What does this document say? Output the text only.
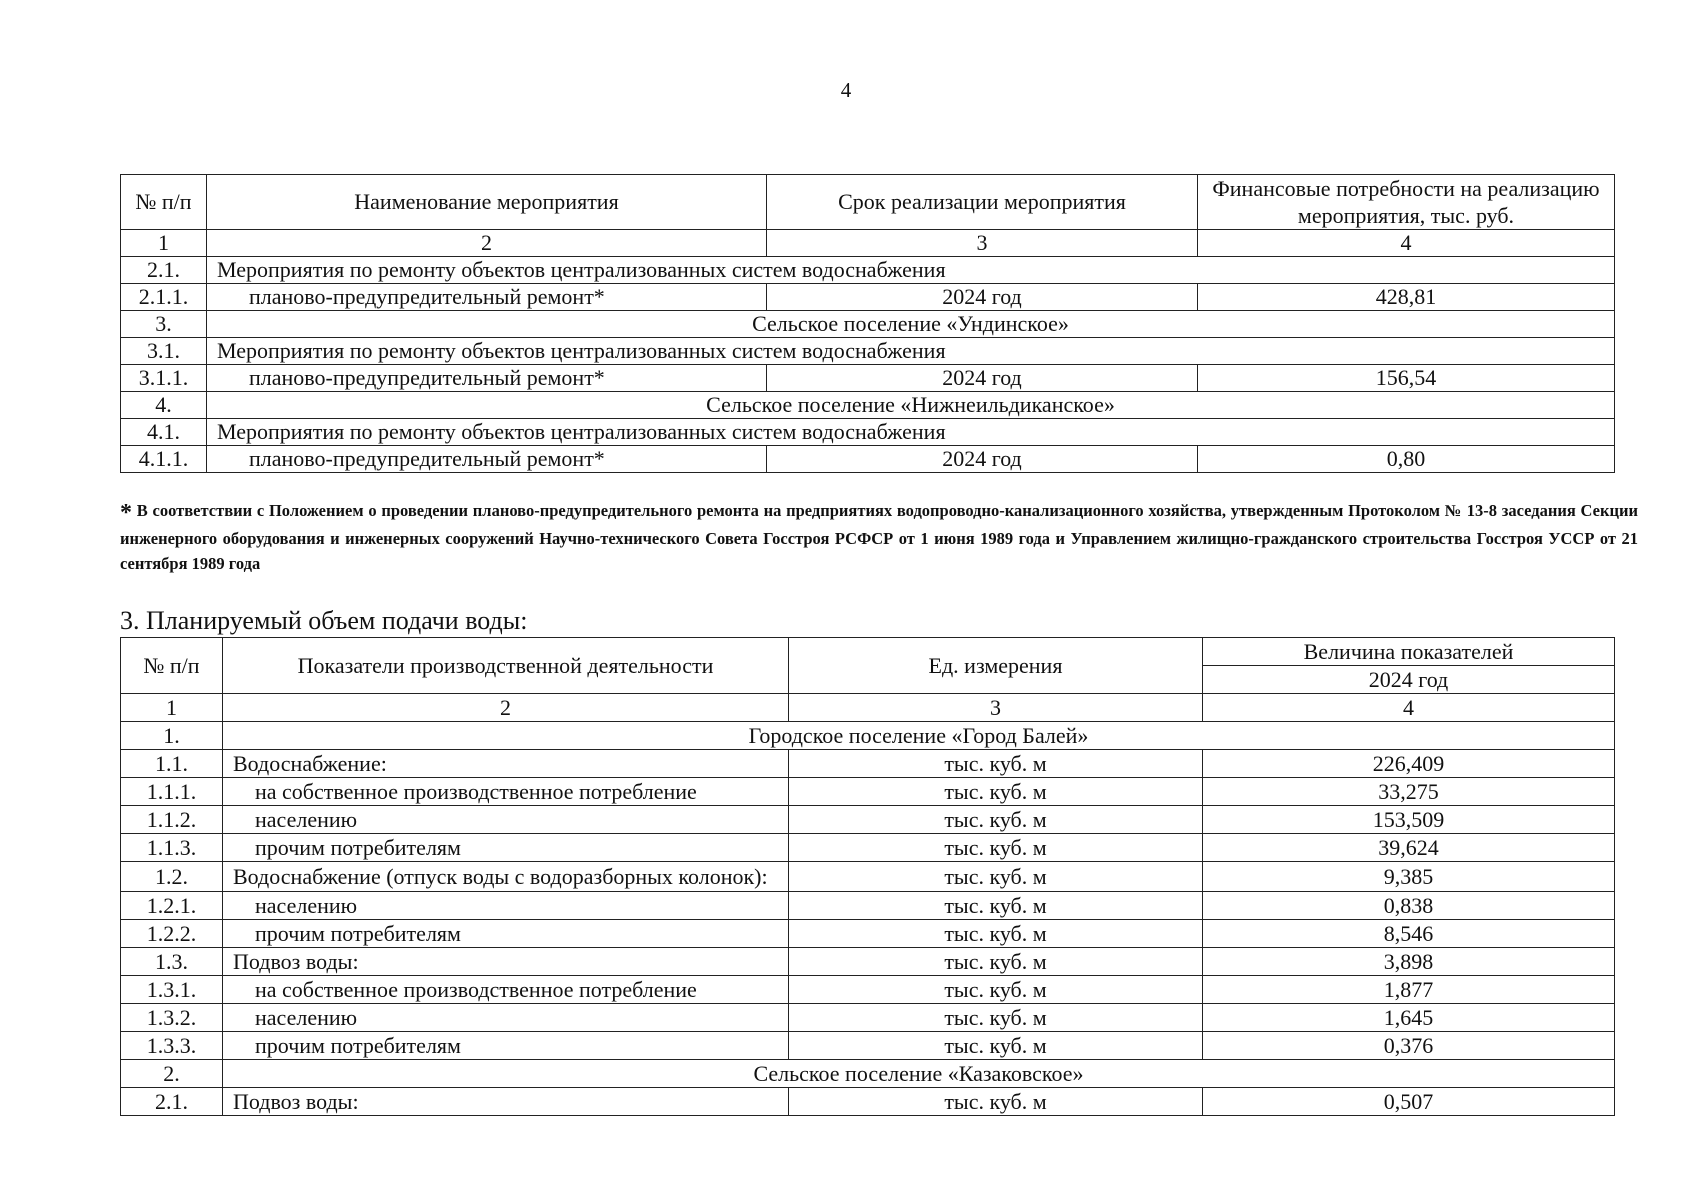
4
№ п/п	Наименование мероприятия	Срок реализации мероприятия	Финансовые потребности на реализацию мероприятия, тыс. руб.
1	2	3	4
2.1.	Мероприятия по ремонту объектов централизованных систем водоснабжения		
2.1.1.	планово-предупредительный ремонт*	2024 год	428,81
3.	Сельское поселение «Ундинское»		
3.1.	Мероприятия по ремонту объектов централизованных систем водоснабжения		
3.1.1.	планово-предупредительный ремонт*	2024 год	156,54
4.	Сельское поселение «Нижнеильдиканское»		
4.1.	Мероприятия по ремонту объектов централизованных систем водоснабжения		
4.1.1.	планово-предупредительный ремонт*	2024 год	0,80
* В соответствии с Положением о проведении планово-предупредительного ремонта на предприятиях водопроводно-канализационного хозяйства, утвержденным Протоколом № 13-8 заседания Секции инженерного оборудования и инженерных сооружений Научно-технического Совета Госстроя РСФСР от 1 июня 1989 года и Управлением жилищно-гражданского строительства Госстроя УССР от 21 сентября 1989 года
3. Планируемый объем подачи воды:
№ п/п	Показатели производственной деятельности	Ед. измерения	Величина показателей
			2024 год
1	2	3	4
1.	Городское поселение «Город Балей»		
1.1.	Водоснабжение:	тыс. куб. м	226,409
1.1.1.	на собственное производственное потребление	тыс. куб. м	33,275
1.1.2.	населению	тыс. куб. м	153,509
1.1.3.	прочим потребителям	тыс. куб. м	39,624
1.2.	Водоснабжение (отпуск воды с водоразборных колонок):	тыс. куб. м	9,385
1.2.1.	населению	тыс. куб. м	0,838
1.2.2.	прочим потребителям	тыс. куб. м	8,546
1.3.	Подвоз воды:	тыс. куб. м	3,898
1.3.1.	на собственное производственное потребление	тыс. куб. м	1,877
1.3.2.	населению	тыс. куб. м	1,645
1.3.3.	прочим потребителям	тыс. куб. м	0,376
2.	Сельское поселение «Казаковское»		
2.1.	Подвоз воды:	тыс. куб. м	0,507
